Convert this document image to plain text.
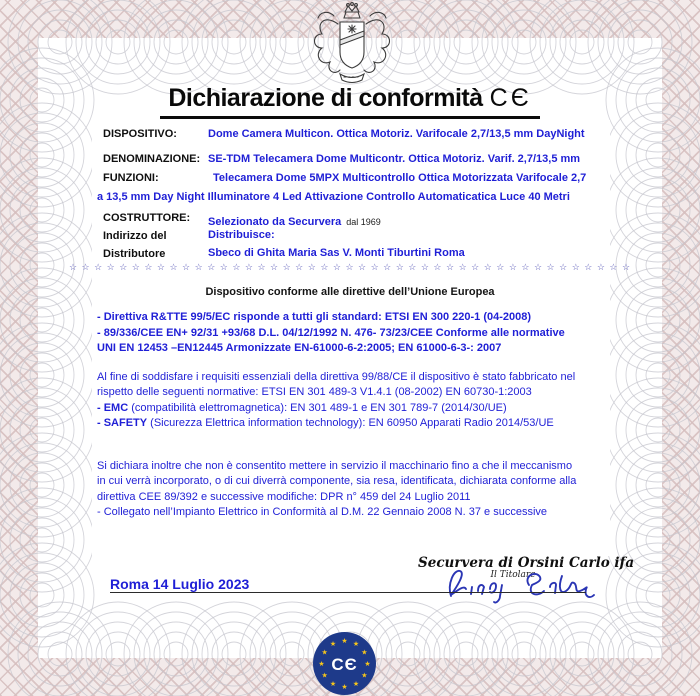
Dichiarazione di conformità CЄ
DISPOSITIVO:	Dome Camera Multicon. Ottica Motoriz. Varifocale 2,7/13,5 mm DayNight
DENOMINAZIONE: SE-TDM Telecamera Dome Multicontr. Ottica Motoriz. Varif. 2,7/13,5 mm
FUNZIONI:	Telecamera Dome 5MPX Multicontrollo Ottica Motorizzata Varifocale 2,7
a 13,5 mm Day Night Illuminatore 4 Led Attivazione Controllo Automaticatica Luce 40 Metri
COSTRUTTORE: Selezionato da Securvera dal 1969
Indirizzo del	Distribuisce:
Distributore	Sbeco di Ghita Maria Sas V. Monti Tiburtini Roma
☆ ☆ ☆ ☆ ☆ ☆ ☆ ☆ ☆ ☆ ☆ ☆ ☆ ☆ ☆ ☆ ☆ ☆ ☆ ☆ ☆ ☆ ☆ ☆ ☆ ☆ ☆ ☆ ☆ ☆ ☆ ☆ ☆ ☆ ☆ ☆ ☆ ☆ ☆ ☆ ☆ ☆ ☆ ☆ ☆
Dispositivo conforme alle direttive dell’Unione Europea
- Direttiva R&TTE 99/5/EC risponde a tutti gli standard: ETSI EN 300 220-1 (04-2008)
- 89/336/CEE EN+ 92/31 +93/68 D.L. 04/12/1992 N. 476- 73/23/CEE Conforme alle normative
UNI EN 12453 –EN12445 Armonizzate EN-61000-6-2:2005; EN 61000-6-3-: 2007
Al fine di soddisfare i requisiti essenziali della direttiva 99/88/CE il dispositivo è stato fabbricato nel
rispetto delle seguenti normative: ETSI EN 301 489-3 V1.4.1 (08-2002) EN 60730-1:2003
- EMC (compatibilità elettromagnetica): EN 301 489-1 e EN 301 789-7 (2014/30/UE)
- SAFETY (Sicurezza Elettrica information technology): EN 60950 Apparati Radio 2014/53/UE
Si dichiara inoltre che non è consentito mettere in servizio il macchinario fino a che il meccanismo
in cui verrà incorporato, o di cui diverrà componente, sia resa, identificata, dichiarata conforme alla
direttiva CEE 89/392 e successive modifiche: DPR n° 459 del 24 Luglio 2011
- Collegato nell’Impianto Elettrico in Conformità al D.M. 22 Gennaio 2008 N. 37 e successive
Securvera di Orsini Carlo ifa
Il Titolare
Roma 14 Luglio 2023
★ ★
★
★
★
★
★
★
★
★
★
★
CЄ
